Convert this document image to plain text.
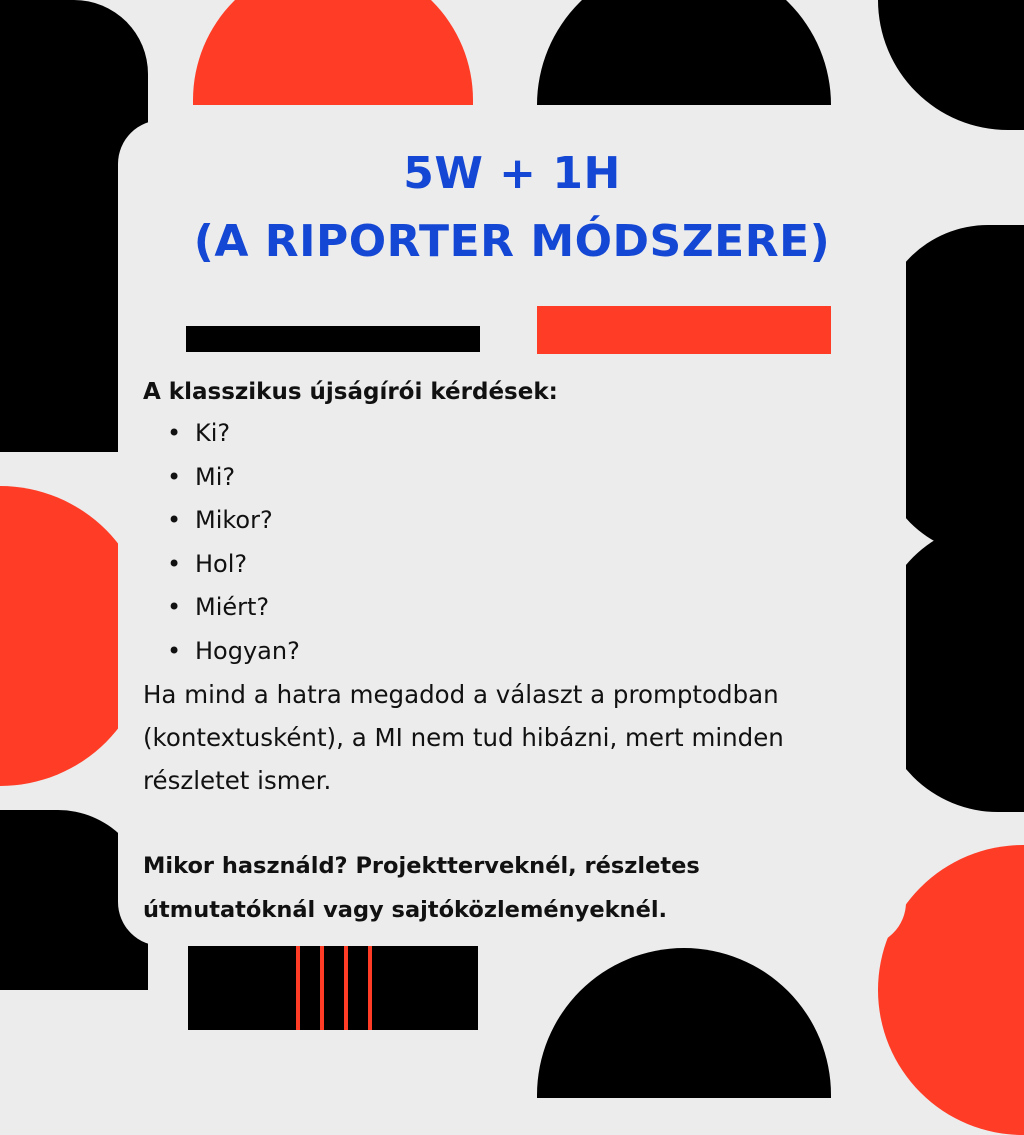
5W + 1H
(A RIPORTER MÓDSZERE)

A klasszikus újságírói kérdések:

• Ki?
• Mi?
• Mikor?
• Hol?
• Miért?
• Hogyan?

Ha mind a hatra megadod a választ a promptodban (kontextusként), a MI nem tud hibázni, mert minden részletet ismer.

Mikor használd? Projektterveknél, részletes útmutatóknál vagy sajtóközleményeknél.
